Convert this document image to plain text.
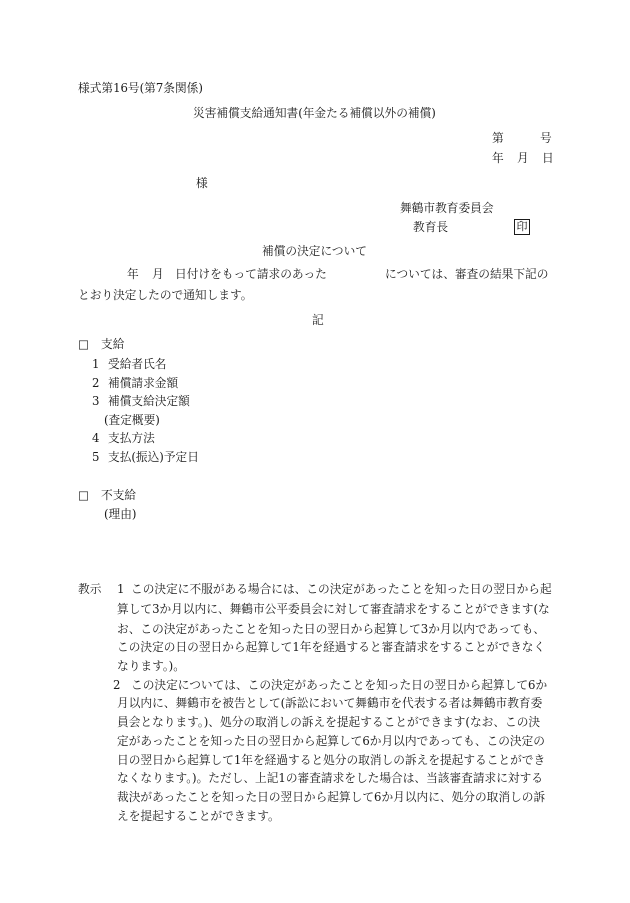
様式第16号(第7条関係)
災害補償支給通知書(年金たる補償以外の補償)
第	号
年 月 日
様
舞鶴市教育委員会
教育長	印
補償の決定について
年 月 日付けをもって請求のあった	については、審査の結果下記の
とおり決定したので通知します。
記
□ 支給
1 受給者氏名
2 補償請求金額
3 補償支給決定額
(査定概要)
4 支払方法
5 支払(振込)予定日
□ 不支給
(理由)
教示 1 この決定に不服がある場合には、この決定があったことを知った日の翌日から起
算して3か月以内に、舞鶴市公平委員会に対して審査請求をすることができます(な
お、この決定があったことを知った日の翌日から起算して3か月以内であっても、
この決定の日の翌日から起算して1年を経過すると審査請求をすることができなく
なります。)。
2 この決定については、この決定があったことを知った日の翌日から起算して6か
月以内に、舞鶴市を被告として(訴訟において舞鶴市を代表する者は舞鶴市教育委
員会となります。)、処分の取消しの訴えを提起することができます(なお、この決
定があったことを知った日の翌日から起算して6か月以内であっても、この決定の
日の翌日から起算して1年を経過すると処分の取消しの訴えを提起することができ
なくなります。)。ただし、上記1の審査請求をした場合は、当該審査請求に対する
裁決があったことを知った日の翌日から起算して6か月以内に、処分の取消しの訴
えを提起することができます。
